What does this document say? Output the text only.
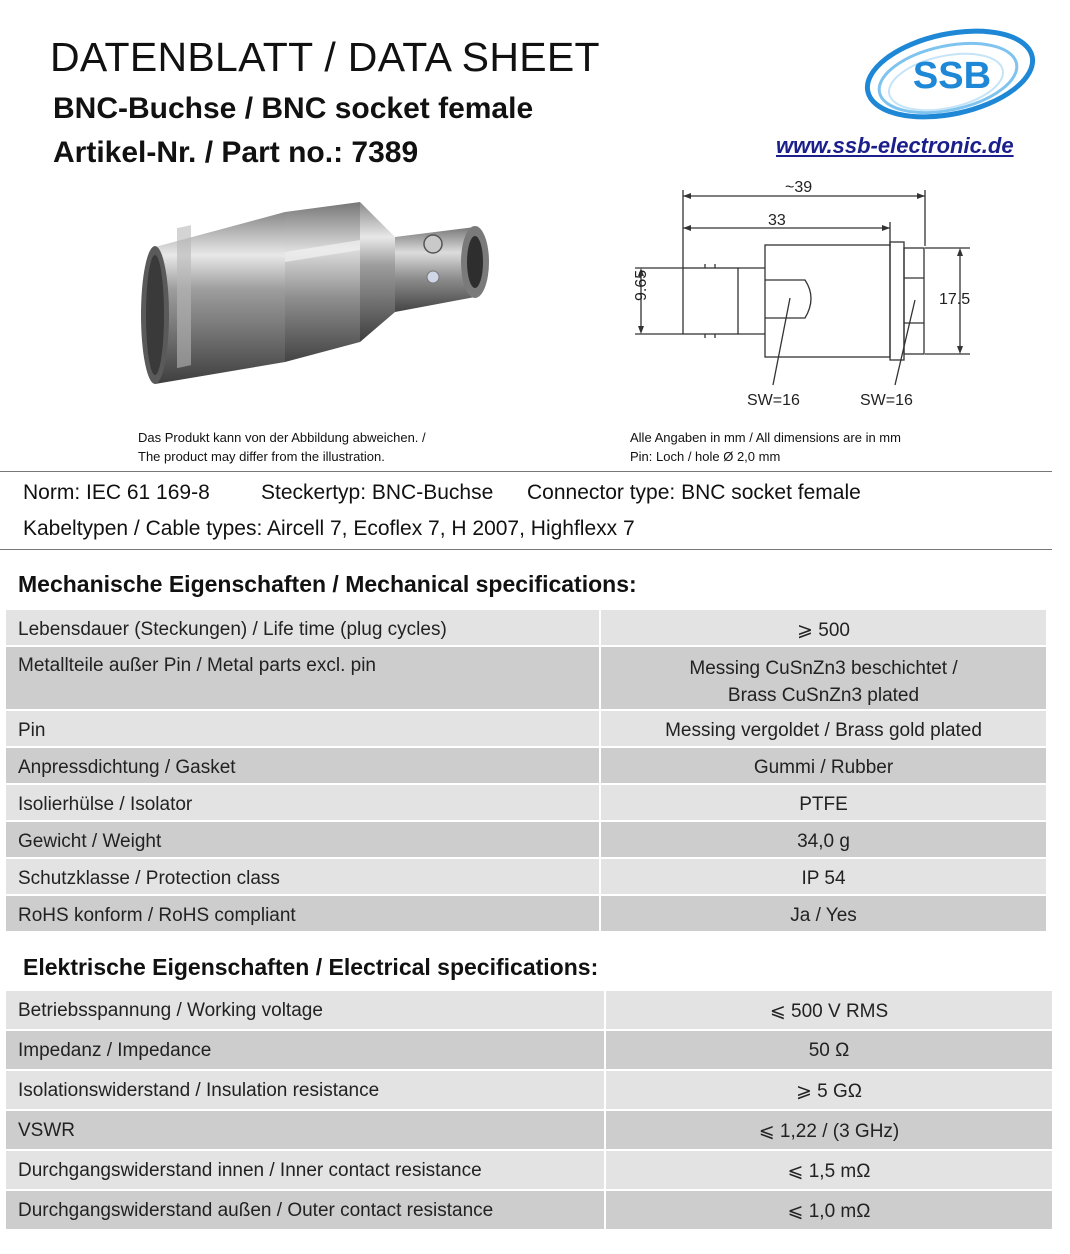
DATENBLATT / DATA SHEET
BNC-Buchse / BNC socket female
Artikel-Nr. / Part no.: 7389
SSB
www.ssb-electronic.de
~39
33
9.65	17.5
SW=16	SW=16
Das Produkt kann von der Abbildung abweichen. /
The product may differ from the illustration.
Alle Angaben in mm / All dimensions are in mm
Pin: Loch / hole Ø 2,0 mm
Norm: IEC 61 169-8 Steckertyp: BNC-Buchse Connector type: BNC socket female
Kabeltypen / Cable types: Aircell 7, Ecoflex 7, H 2007, Highflexx 7
Mechanische Eigenschaften / Mechanical specifications:
Lebensdauer (Steckungen) / Life time (plug cycles)	⩾ 500
Metallteile außer Pin / Metal parts excl. pin	Messing CuSnZn3 beschichtet /
Brass CuSnZn3 plated

Pin	Messing vergoldet / Brass gold plated
Anpressdichtung / Gasket	Gummi / Rubber
Isolierhülse / Isolator	PTFE
Gewicht / Weight	34,0 g
Schutzklasse / Protection class	IP 54
RoHS konform / RoHS compliant	Ja / Yes
Elektrische Eigenschaften / Electrical specifications:
Betriebsspannung / Working voltage	⩽ 500 V RMS
Impedanz / Impedance	50 Ω
Isolationswiderstand / Insulation resistance	⩾ 5 GΩ
VSWR	⩽ 1,22 / (3 GHz)
Durchgangswiderstand innen / Inner contact resistance	⩽ 1,5 mΩ
Durchgangswiderstand außen / Outer contact resistance	⩽ 1,0 mΩ
